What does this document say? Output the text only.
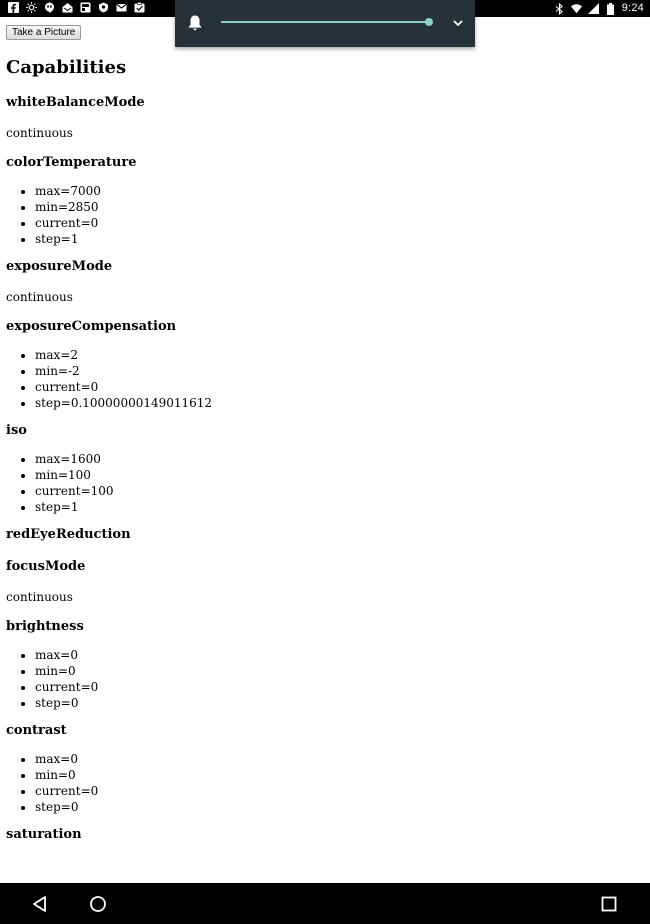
9:24
Take a Picture
Capabilities
whiteBalanceMode

continuous

colorTemperature
• max=7000
• min=2850
• current=0
• step=1
exposureMode

continuous

exposureCompensation
• max=2
• min=-2
• current=0
• step=0.10000000149011612
iso
• max=1600
• min=100
• current=100
• step=1
redEyeReduction
focusMode

continuous

brightness
• max=0
• min=0
• current=0
• step=0
contrast
• max=0
• min=0
• current=0
• step=0
saturation
